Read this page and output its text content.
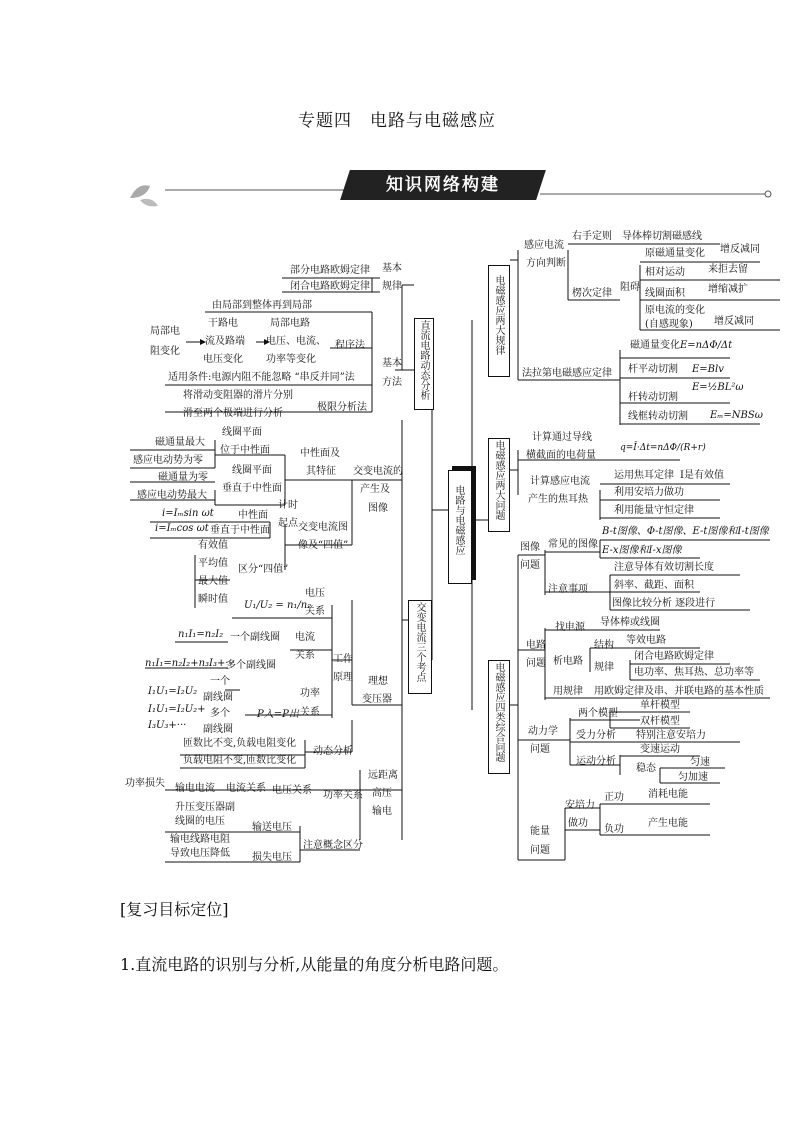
专题四　电路与电磁感应
知识网络构建
电路与电磁感应
直流电路动态分析
交变电流三个考点
电磁感应两大规律
电磁感应两大问题
电磁感应四类综合问题
基本
规律
部分电路欧姆定律
闭合电路欧姆定律
由局部到整体再到局部
局部电
阻变化
干路电
流及路端
电压变化
局部电路
电压、电流、
功率等变化
程序法
基本
方法
适用条件:电源内阻不能忽略 “串反并同”法
将滑动变阻器的滑片分别
滑至两个极端进行分析
极限分析法
线圈平面
磁通量最大
感应电动势为零
位于中性面
线圈平面
磁通量为零
垂直于中性面
感应电动势最大
中性面及
其特征 交变电流的
产生及
图像
i=Iₘsin ωt 中性面
i=Iₘcos ωt 垂直于中性面
计时
起点 交变电流图
像及“四值”
有效值
平均值
最大值
瞬时值
区分“四值”
U₁/U₂ = n₁/n₂
电压
关系
n₁I₁=n₂I₂ 一个副线圈
n₁I₁=n₂I₂+n₃I₃+···
多个副线圈
电流
关系 工作
原理 理想
变压器
I₁U₁=I₂U₂
I₁U₁=I₂U₂+
I₃U₃+···
一个
副线圈
多个
副线圈
P入=P出
功率
关系
匝数比不变,负载电阻变化
负载电阻不变,匝数比变化
动态分析
功率损失 输电电流 电流关系 电压关系 功率关系
远距离
高压
输电
升压变压器副
线圈的电压
输送电压
输电线路电阻
导致电压降低 损失电压
注意概念区分
感应电流
方向判断
右手定则 导体棒切割磁感线
楞次定律
阻碍
原磁通量变化 增反减同
相对运动 来拒去留
线圈面积 增缩减扩
原电流的变化
(自感现象) 增反减同
法拉第电磁感应定律
磁通量变化 E=nΔΦ/Δt
杆平动切割 E=Blv
杆转动切割
E=½BL²ω
线框转动切割 Eₘ=NBSω
计算通过导线
横截面的电荷量
q=Ī·Δt=nΔΦ/(R+r)
计算感应电流
产生的焦耳热
运用焦耳定律 I是有效值
利用安培力做功
利用能量守恒定律
图像
问题
常见的图像
B-t图像、Φ-t图像、E-t图像和I-t图像
E-x图像和I-x图像
注意事项
注意导体有效切割长度
斜率、截距、面积
图像比较分析 逐段进行
电路
问题
找电源 导体棒或线圈
析电路
结构 等效电路
规律
闭合电路欧姆定律
电功率、焦耳热、总功率等
用规律 用欧姆定律及串、并联电路的基本性质
动力学
问题
两个模型
单杆模型
双杆模型
受力分析 特别注意安培力
运动分析
变速运动
稳态
匀速
匀加速
能量
问题
安培力
做功
正功 消耗电能
负功
产生电能
[复习目标定位]
1.直流电路的识别与分析,从能量的角度分析电路问题。
